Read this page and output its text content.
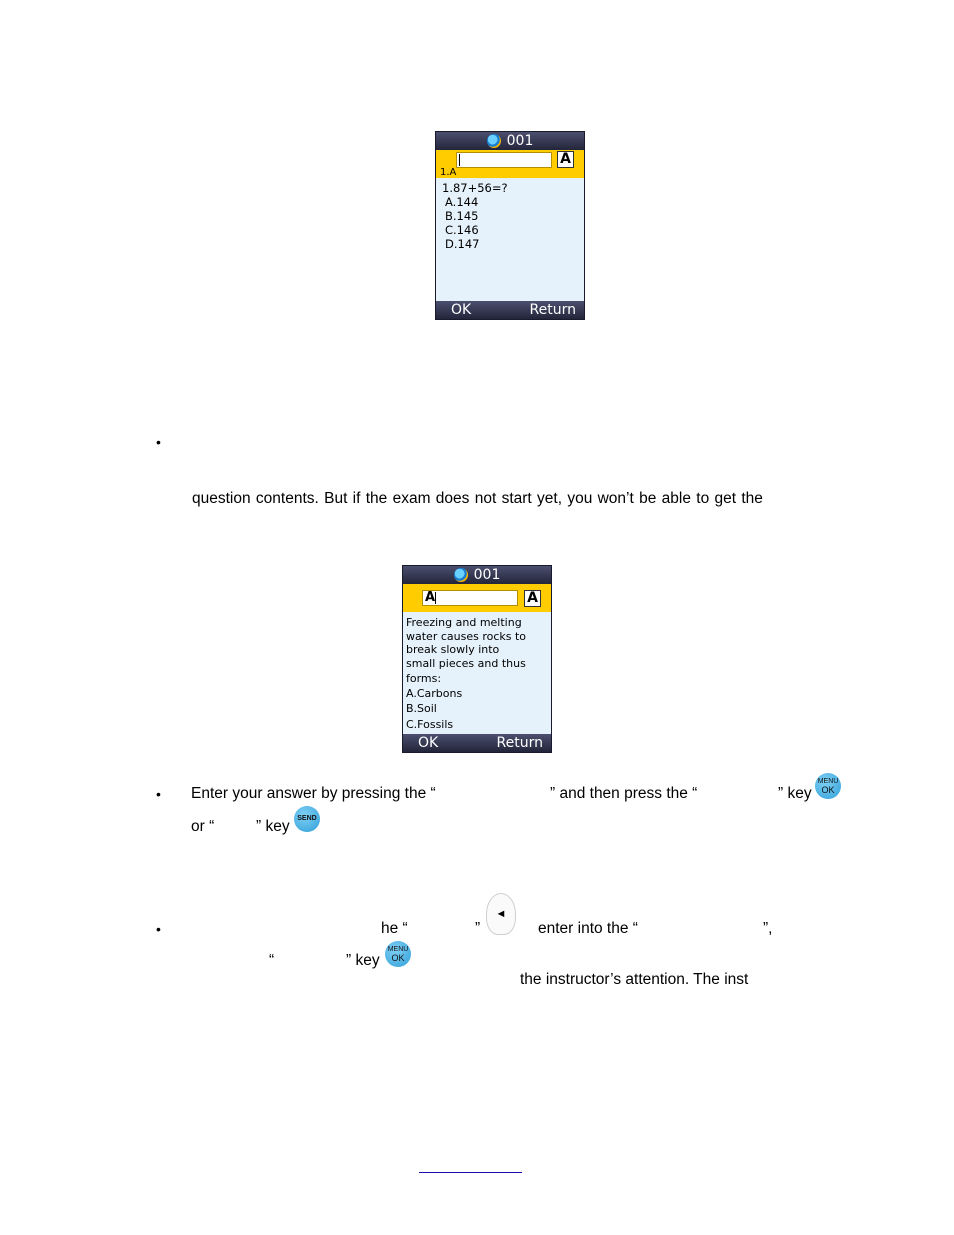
001
A
1.A
1.87+56=?
A.144
B.145
C.146
D.147
OK	Return
•
question contents. But if the exam does not start yet, you won’t be able to get the
001
A	A
Freezing and melting
water causes rocks to
break slowly into
small pieces and thus
forms:
A.Carbons
B.Soil
C.Fossils
OK	Return
• Enter your answer by pressing the “	” and then press the “	” key
MENU
OK
or “	” key SEND
•	he “	”
◄
enter into the “	”,
“	” key
MENU
OK
the instructor’s attention. The inst
